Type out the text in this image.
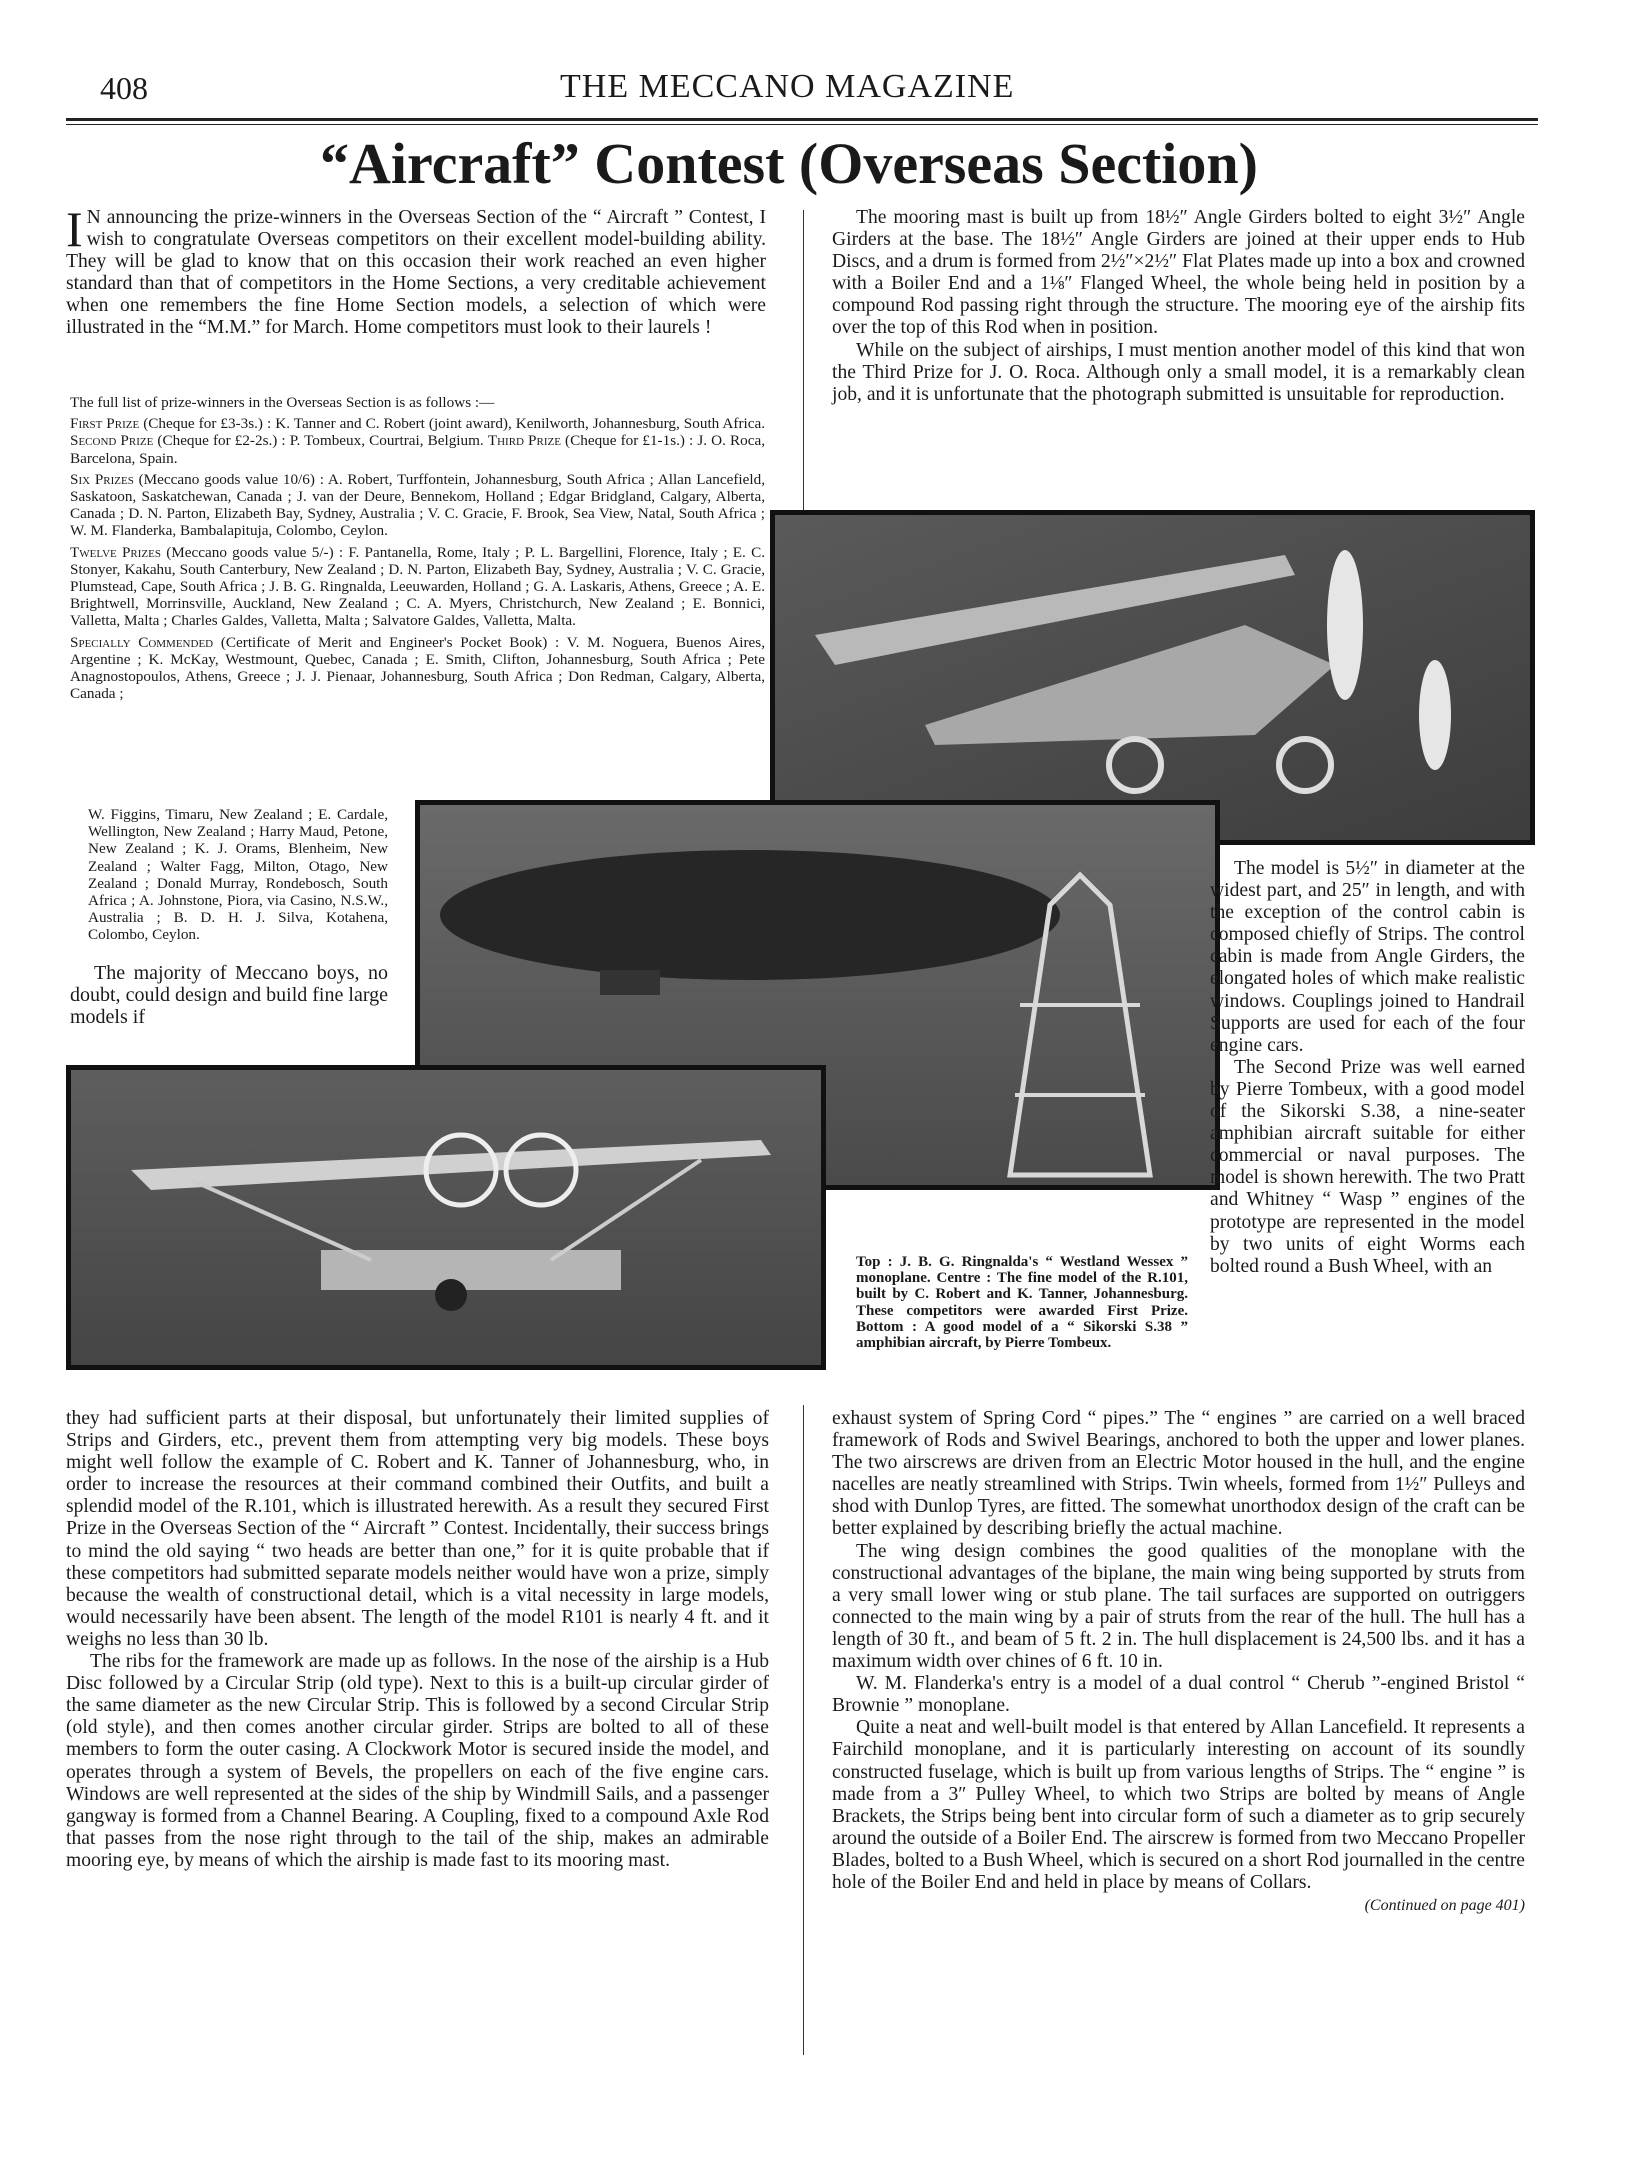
408	THE MECCANO MAGAZINE
“Aircraft” Contest (Overseas Section)
I N announcing the prize-winners in the Overseas Section of the “ Aircraft ” Contest, I wish to congratulate Overseas competitors on their excellent model-building ability. They will be glad to know that on this occasion their work reached an even higher standard than that of competitors in the Home Sections, a very creditable achievement when one remembers the fine Home Section models, a selection of which were illustrated in the “M.M.” for March. Home competitors must look to their laurels !

The full list of prize-winners in the Overseas Section is as follows :—

First Prize (Cheque for £3-3s.) : K. Tanner and C. Robert (joint award), Kenilworth, Johannesburg, South Africa. Second Prize (Cheque for £2-2s.) : P. Tombeux, Courtrai, Belgium. Third Prize (Cheque for £1-1s.) : J. O. Roca, Barcelona, Spain.

Six Prizes (Meccano goods value 10/6) : A. Robert, Turffontein, Johannesburg, South Africa ; Allan Lancefield, Saskatoon, Saskatchewan, Canada ; J. van der Deure, Bennekom, Holland ; Edgar Bridgland, Calgary, Alberta, Canada ; D. N. Parton, Elizabeth Bay, Sydney, Australia ; V. C. Gracie, F. Brook, Sea View, Natal, South Africa ; W. M. Flanderka, Bambalapituja, Colombo, Ceylon.

Twelve Prizes (Meccano goods value 5/-) : F. Pantanella, Rome, Italy ; P. L. Bargellini, Florence, Italy ; E. C. Stonyer, Kakahu, South Canterbury, New Zealand ; D. N. Parton, Elizabeth Bay, Sydney, Australia ; V. C. Gracie, Plumstead, Cape, South Africa ; J. B. G. Ringnalda, Leeuwarden, Holland ; G. A. Laskaris, Athens, Greece ; A. E. Brightwell, Morrinsville, Auckland, New Zealand ; C. A. Myers, Christchurch, New Zealand ; E. Bonnici, Valletta, Malta ; Charles Galdes, Valletta, Malta ; Salvatore Galdes, Valletta, Malta.

Specially Commended (Certificate of Merit and Engineer's Pocket Book) : V. M. Noguera, Buenos Aires, Argentine ; K. McKay, Westmount, Quebec, Canada ; E. Smith, Clifton, Johannesburg, South Africa ; Pete Anagnostopoulos, Athens, Greece ; J. J. Pienaar, Johannesburg, South Africa ; Don Redman, Calgary, Alberta, Canada ;

W. Figgins, Timaru, New Zealand ; E. Cardale, Wellington, New Zealand ; Harry Maud, Petone, New Zealand ; K. J. Orams, Blenheim, New Zealand ; Walter Fagg, Milton, Otago, New Zealand ; Donald Murray, Rondebosch, South Africa ; A. Johnstone, Piora, via Casino, N.S.W., Australia ; B. D. H. J. Silva, Kotahena, Colombo, Ceylon.

The majority of Meccano boys, no doubt, could design and build fine large models if

The mooring mast is built up from 18½″ Angle Girders bolted to eight 3½″ Angle Girders at the base. The 18½″ Angle Girders are joined at their upper ends to Hub Discs, and a drum is formed from 2½″×2½″ Flat Plates made up into a box and crowned with a Boiler End and a 1⅛″ Flanged Wheel, the whole being held in position by a compound Rod passing right through the structure. The mooring eye of the airship fits over the top of this Rod when in position.

While on the subject of airships, I must mention another model of this kind that won the Third Prize for J. O. Roca. Although only a small model, it is a remarkably clean job, and it is unfortunate that the photograph submitted is unsuitable for reproduction.

The model is 5½″ in diameter at the widest part, and 25″ in length, and with the exception of the control cabin is composed chiefly of Strips. The control cabin is made from Angle Girders, the elongated holes of which make realistic windows. Couplings joined to Handrail Supports are used for each of the four engine cars.

The Second Prize was well earned by Pierre Tombeux, with a good model of the Sikorski S.38, a nine-seater amphibian aircraft suitable for either commercial or naval purposes. The model is shown herewith. The two Pratt and Whitney “ Wasp ” engines of the prototype are represented in the model by two units of eight Worms each bolted round a Bush Wheel, with an

Top : J. B. G. Ringnalda's “ Westland Wessex ” monoplane. Centre : The fine model of the R.101, built by C. Robert and K. Tanner, Johannesburg. These competitors were awarded First Prize. Bottom : A good model of a “ Sikorski S.38 ” amphibian aircraft, by Pierre Tombeux.

they had sufficient parts at their disposal, but unfortunately their limited supplies of Strips and Girders, etc., prevent them from attempting very big models. These boys might well follow the example of C. Robert and K. Tanner of Johannesburg, who, in order to increase the resources at their command combined their Outfits, and built a splendid model of the R.101, which is illustrated herewith. As a result they secured First Prize in the Overseas Section of the “ Aircraft ” Contest. Incidentally, their success brings to mind the old saying “ two heads are better than one,” for it is quite probable that if these competitors had submitted separate models neither would have won a prize, simply because the wealth of constructional detail, which is a vital necessity in large models, would necessarily have been absent. The length of the model R101 is nearly 4 ft. and it weighs no less than 30 lb.

The ribs for the framework are made up as follows. In the nose of the airship is a Hub Disc followed by a Circular Strip (old type). Next to this is a built-up circular girder of the same diameter as the new Circular Strip. This is followed by a second Circular Strip (old style), and then comes another circular girder. Strips are bolted to all of these members to form the outer casing. A Clockwork Motor is secured inside the model, and operates through a system of Bevels, the propellers on each of the five engine cars. Windows are well represented at the sides of the ship by Windmill Sails, and a passenger gangway is formed from a Channel Bearing. A Coupling, fixed to a compound Axle Rod that passes from the nose right through to the tail of the ship, makes an admirable mooring eye, by means of which the airship is made fast to its mooring mast.

exhaust system of Spring Cord “ pipes.” The “ engines ” are carried on a well braced framework of Rods and Swivel Bearings, anchored to both the upper and lower planes. The two airscrews are driven from an Electric Motor housed in the hull, and the engine nacelles are neatly streamlined with Strips. Twin wheels, formed from 1½″ Pulleys and shod with Dunlop Tyres, are fitted. The somewhat unorthodox design of the craft can be better explained by describing briefly the actual machine.

The wing design combines the good qualities of the monoplane with the constructional advantages of the biplane, the main wing being supported by struts from a very small lower wing or stub plane. The tail surfaces are supported on outriggers connected to the main wing by a pair of struts from the rear of the hull. The hull has a length of 30 ft., and beam of 5 ft. 2 in. The hull displacement is 24,500 lbs. and it has a maximum width over chines of 6 ft. 10 in.

W. M. Flanderka's entry is a model of a dual control “ Cherub ”-engined Bristol “ Brownie ” monoplane.

Quite a neat and well-built model is that entered by Allan Lancefield. It represents a Fairchild monoplane, and it is particularly interesting on account of its soundly constructed fuselage, which is built up from various lengths of Strips. The “ engine ” is made from a 3″ Pulley Wheel, to which two Strips are bolted by means of Angle Brackets, the Strips being bent into circular form of such a diameter as to grip securely around the outside of a Boiler End. The airscrew is formed from two Meccano Propeller Blades, bolted to a Bush Wheel, which is secured on a short Rod journalled in the centre hole of the Boiler End and held in place by means of Collars.

(Continued on page 401)
